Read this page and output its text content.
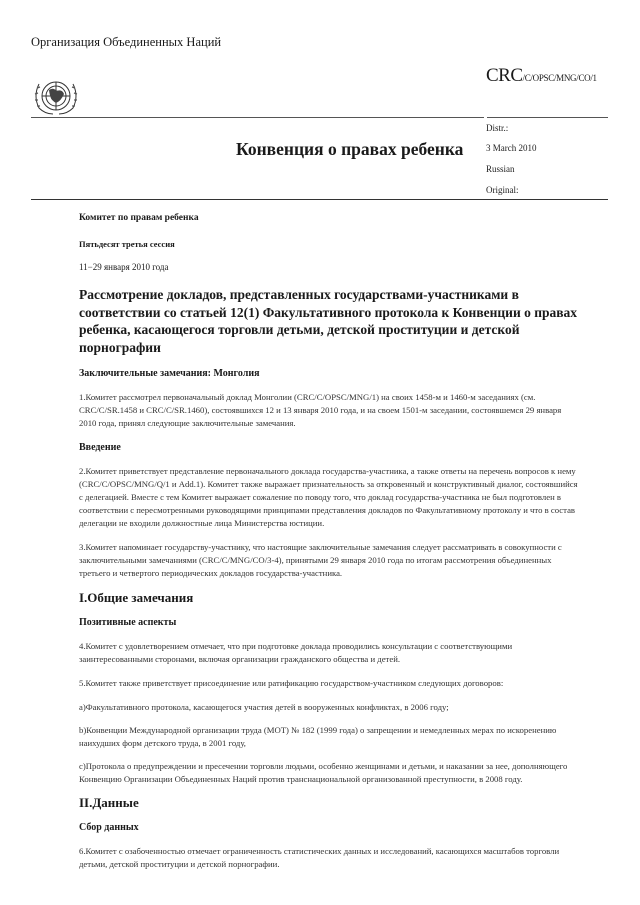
Организация Объединенных Наций
CRC/C/OPSC/MNG/CO/1
Конвенция о правах ребенка
Distr.:
3 March 2010
Russian
Original:
Комитет по правам ребенка
Пятьдесят третья сессия
11−29 января 2010 года
Рассмотрение докладов, представленных государствами-участниками в соответствии со статьей 12(1) Факультативного протокола к Конвенции о правах ребенка, касающегося торговли детьми, детской проституции и детской порнографии
Заключительные замечания: Монголия
1.Комитет рассмотрел первоначальный доклад Монголии (CRC/C/OPSC/MNG/1) на своих 1458-м и 1460-м заседаниях (см. CRC/C/SR.1458 и CRC/C/SR.1460), состоявшихся 12 и 13 января 2010 года, и на своем 1501-м заседании, состоявшемся 29 января 2010 года, принял следующие заключительные замечания.
Введение
2.Комитет приветствует представление первоначального доклада государства-участника, а также ответы на перечень вопросов к нему (CRC/C/OPSC/MNG/Q/1 и Add.1). Комитет также выражает признательность за откровенный и конструктивный диалог, состоявшийся с делегацией. Вместе с тем Комитет выражает сожаление по поводу того, что доклад государства-участника не был подготовлен в соответствии с пересмотренными руководящими принципами представления докладов по Факультативному протоколу и что в состав делегации не входили должностные лица Министерства юстиции.
3.Комитет напоминает государству-участнику, что настоящие заключительные замечания следует рассматривать в совокупности с заключительными замечаниями (CRC/C/MNG/CO/3-4), принятыми 29 января 2010 года по итогам рассмотрения объединенных третьего и четвертого периодических докладов государства-участника.
I.Общие замечания
Позитивные аспекты
4.Комитет с удовлетворением отмечает, что при подготовке доклада проводились консультации с соответствующими заинтересованными сторонами, включая организации гражданского общества и детей.
5.Комитет также приветствует присоединение или ратификацию государством-участником следующих договоров:
a)Факультативного протокола, касающегося участия детей в вооруженных конфликтах, в 2006 году;
b)Конвенции Международной организации труда (МОТ) № 182 (1999 года) о запрещении и немедленных мерах по искоренению наихудших форм детского труда, в 2001 году,
c)Протокола о предупреждении и пресечении торговли людьми, особенно женщинами и детьми, и наказании за нее, дополняющего Конвенцию Организации Объединенных Наций против транснациональной организованной преступности, в 2008 году.
II.Данные
Сбор данных
6.Комитет с озабоченностью отмечает ограниченность статистических данных и исследований, касающихся масштабов торговли детьми, детской проституции и детской порнографии.
